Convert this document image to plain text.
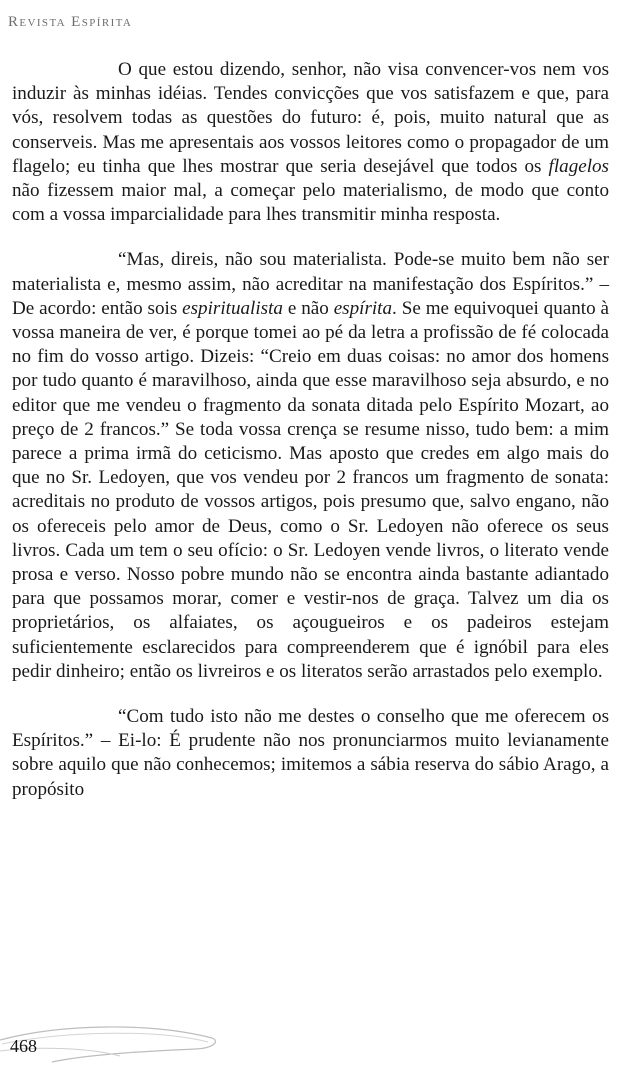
Revista Espírita

O que estou dizendo, senhor, não visa convencer-vos nem vos induzir às minhas idéias. Tendes convicções que vos satisfazem e que, para vós, resolvem todas as questões do futuro: é, pois, muito natural que as conserveis. Mas me apresentais aos vossos leitores como o propagador de um flagelo; eu tinha que lhes mostrar que seria desejável que todos os flagelos não fizessem maior mal, a começar pelo materialismo, de modo que conto com a vossa imparcialidade para lhes transmitir minha resposta.

“Mas, direis, não sou materialista. Pode-se muito bem não ser materialista e, mesmo assim, não acreditar na manifestação dos Espíritos.” – De acordo: então sois espiritualista e não espírita. Se me equivoquei quanto à vossa maneira de ver, é porque tomei ao pé da letra a profissão de fé colocada no fim do vosso artigo. Dizeis: “Creio em duas coisas: no amor dos homens por tudo quanto é maravilhoso, ainda que esse maravilhoso seja absurdo, e no editor que me vendeu o fragmento da sonata ditada pelo Espírito Mozart, ao preço de 2 francos.” Se toda vossa crença se resume nisso, tudo bem: a mim parece a prima irmã do ceticismo. Mas aposto que credes em algo mais do que no Sr. Ledoyen, que vos vendeu por 2 francos um fragmento de sonata: acreditais no produto de vossos artigos, pois presumo que, salvo engano, não os ofereceis pelo amor de Deus, como o Sr. Ledoyen não oferece os seus livros. Cada um tem o seu ofício: o Sr. Ledoyen vende livros, o literato vende prosa e verso. Nosso pobre mundo não se encontra ainda bastante adiantado para que possamos morar, comer e vestir-nos de graça. Talvez um dia os proprietários, os alfaiates, os açougueiros e os padeiros estejam suficientemente esclarecidos para compreenderem que é ignóbil para eles pedir dinheiro; então os livreiros e os literatos serão arrastados pelo exemplo.

“Com tudo isto não me destes o conselho que me oferecem os Espíritos.” – Ei-lo: É prudente não nos pronunciarmos muito levianamente sobre aquilo que não conhecemos; imitemos a sábia reserva do sábio Arago, a propósito

468
